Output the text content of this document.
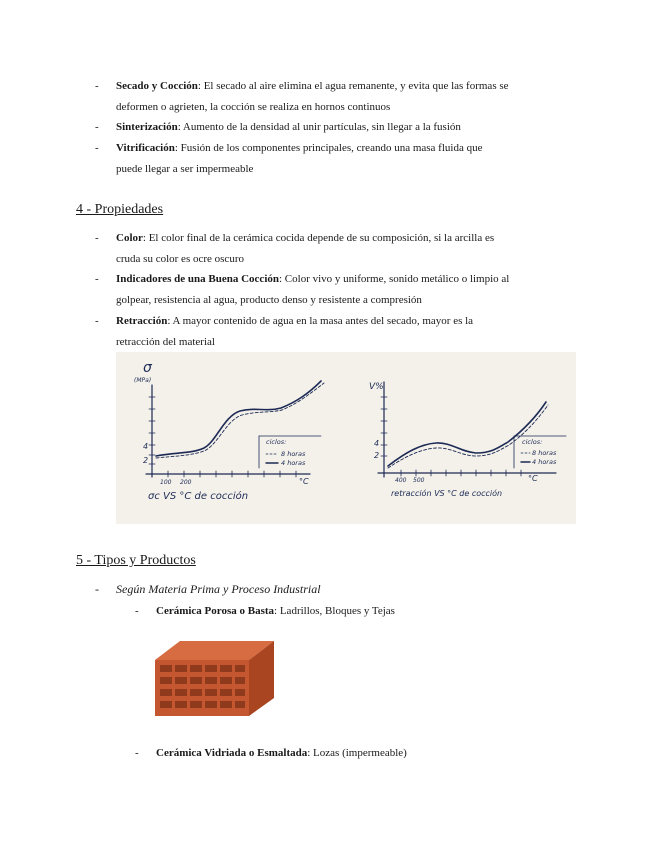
- Secado y Cocción: El secado al aire elimina el agua remanente, y evita que las formas se
deformen o agrieten, la cocción se realiza en hornos continuos
- Sinterización: Aumento de la densidad al unir partículas, sin llegar a la fusión
- Vitrificación: Fusión de los componentes principales, creando una masa fluida que
puede llegar a ser impermeable
4 - Propiedades
- Color: El color final de la cerámica cocida depende de su composición, si la arcilla es
cruda su color es ocre oscuro
- Indicadores de una Buena Cocción: Color vivo y uniforme, sonido metálico o limpio al
golpear, resistencia al agua, producto denso y resistente a compresión
- Retracción: A mayor contenido de agua en la masa antes del secado, mayor es la
retracción del material
σ
(MPa)
4
2
100 200	°C
ciclos:
8 horas
4 horas
σc VS °C de cocción
V%
4
2
400 500	°C
ciclos:
8 horas
4 horas
retracción VS °C de cocción
5 - Tipos y Productos
- Según Materia Prima y Proceso Industrial
- Cerámica Porosa o Basta: Ladrillos, Bloques y Tejas
- Cerámica Vidriada o Esmaltada: Lozas (impermeable)
